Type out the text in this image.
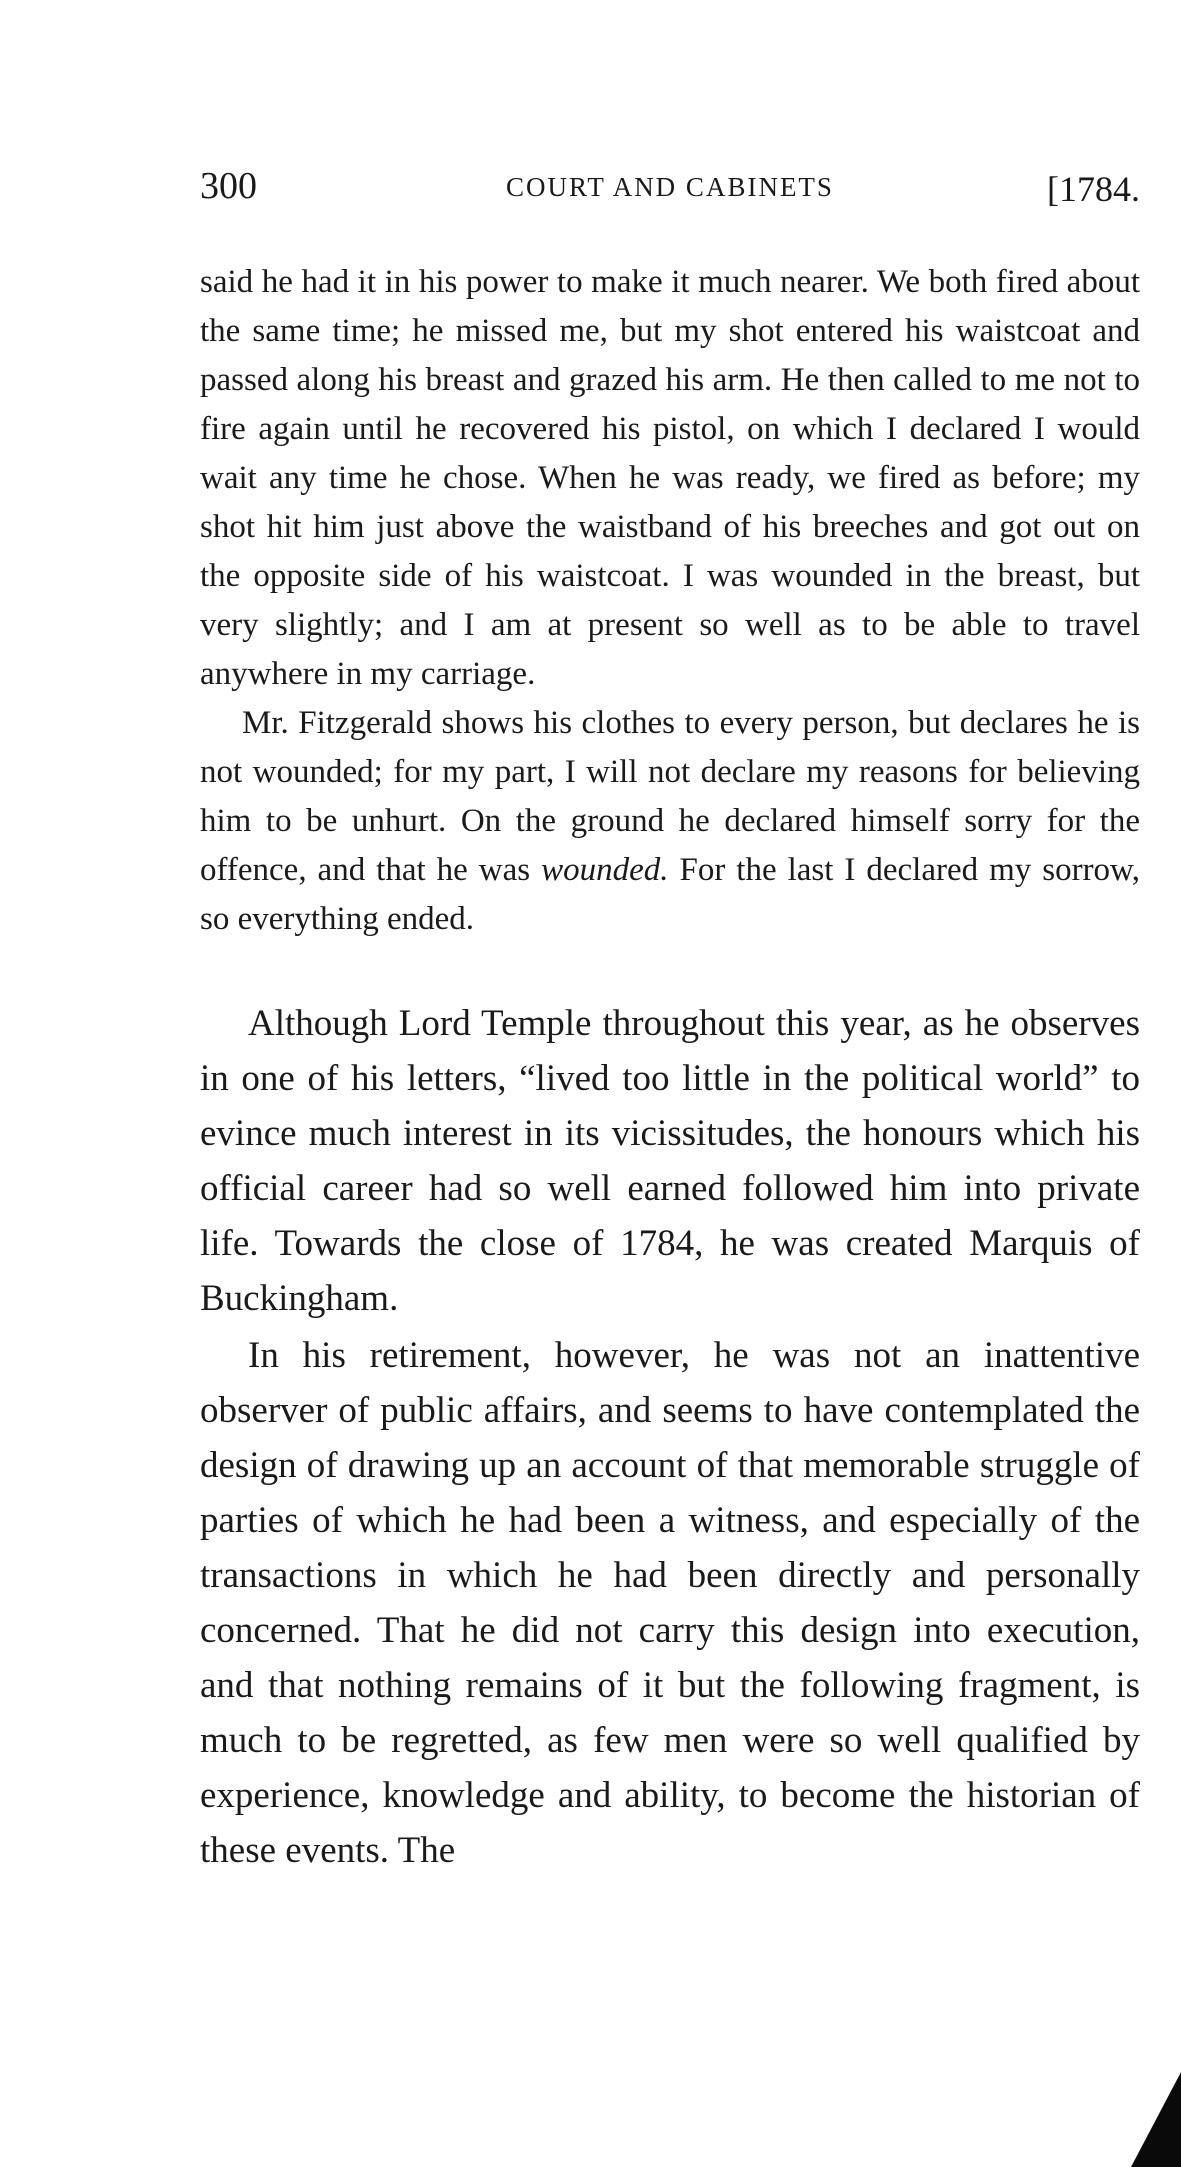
300	COURT AND CABINETS	[1784.

said he had it in his power to make it much nearer. We both fired about the same time; he missed me, but my shot entered his waistcoat and passed along his breast and grazed his arm. He then called to me not to fire again until he recovered his pistol, on which I declared I would wait any time he chose. When he was ready, we fired as before; my shot hit him just above the waistband of his breeches and got out on the opposite side of his waistcoat. I was wounded in the breast, but very slightly; and I am at present so well as to be able to travel anywhere in my carriage.

Mr. Fitzgerald shows his clothes to every person, but declares he is not wounded; for my part, I will not declare my reasons for believing him to be unhurt. On the ground he declared himself sorry for the offence, and that he was wounded. For the last I declared my sorrow, so everything ended.

Although Lord Temple throughout this year, as he observes in one of his letters, “lived too little in the political world” to evince much interest in its vicissitudes, the honours which his official career had so well earned followed him into private life. Towards the close of 1784, he was created Marquis of Buckingham.

In his retirement, however, he was not an inattentive observer of public affairs, and seems to have contemplated the design of drawing up an account of that memorable struggle of parties of which he had been a witness, and especially of the transactions in which he had been directly and personally concerned. That he did not carry this design into execution, and that nothing remains of it but the following fragment, is much to be regretted, as few men were so well qualified by experience, knowledge and ability, to become the historian of these events. The
